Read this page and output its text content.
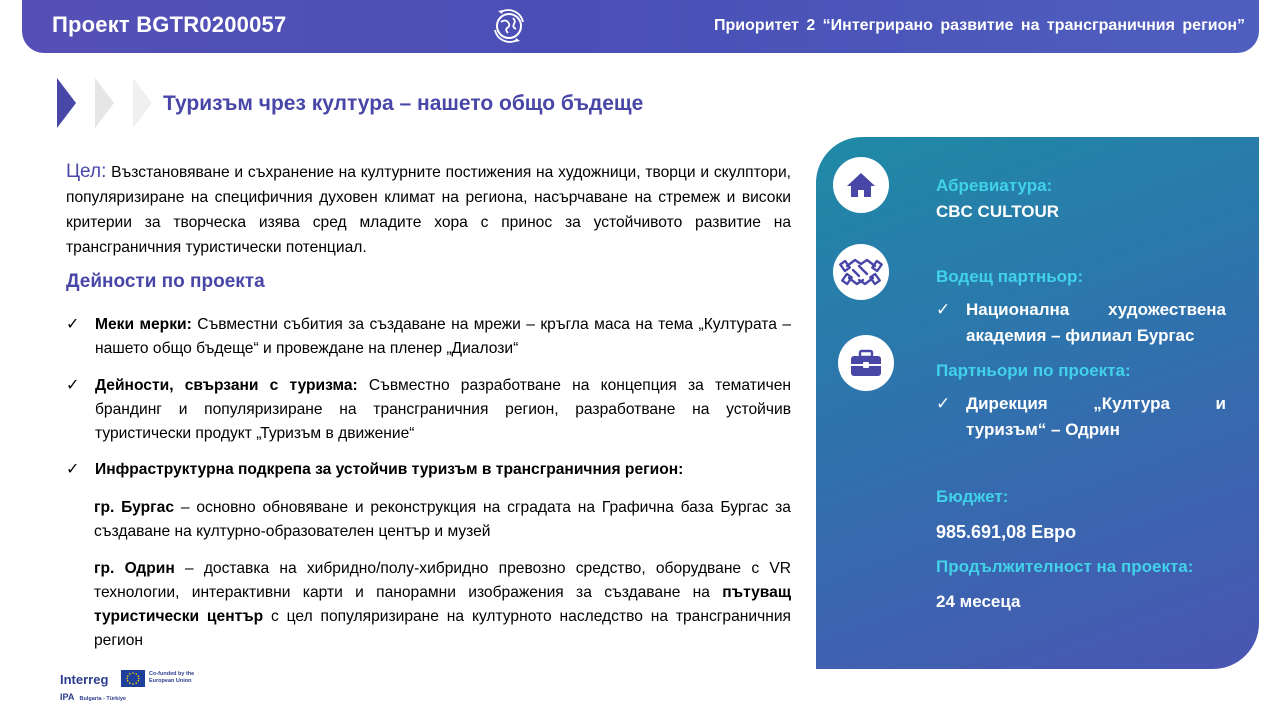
Проект BGTR0200057	Приоритет 2 “Интегрирано развитие на трансграничния регион”
Туризъм чрез култура – нашето общо бъдеще
Цел: Възстановяване и съхранение на културните постижения на художници, творци и скулптори, популяризиране на специфичния духовен климат на региона, насърчаване на стремеж и високи критерии за творческа изява сред младите хора с принос за устойчивото развитие на трансграничния туристически потенциал.
Дейности по проекта
✓ Меки мерки: Съвместни събития за създаване на мрежи – кръгла маса на тема „Културата – нашето общо бъдеще“ и провеждане на пленер „Диалози“
✓ Дейности, свързани с туризма: Съвместно разработване на концепция за тематичен брандинг и популяризиране на трансграничния регион, разработване на устойчив туристически продукт „Туризъм в движение“
✓ Инфраструктурна подкрепа за устойчив туризъм в трансграничния регион:
гр. Бургас – основно обновяване и реконструкция на сградата на Графична база Бургас за създаване на културно-образователен център и музей
гр. Одрин – доставка на хибридно/полу-хибридно превозно средство, оборудване с VR технологии, интерактивни карти и панорамни изображения за създаване на пътуващ туристически център с цел популяризиране на културното наследство на трансграничния регион
Абревиатура:
CBC CULTOUR
Водещ партньор:
✓ Национална художествена академия – филиал Бургас
Партньори по проекта:
✓ Дирекция „Култура и туризъм“ – Одрин
Бюджет:
985.691,08 Евро
Продължителност на проекта:
24 месеца
Interreg
IPA Bulgaria - Türkiye
Co-funded by the European Union
